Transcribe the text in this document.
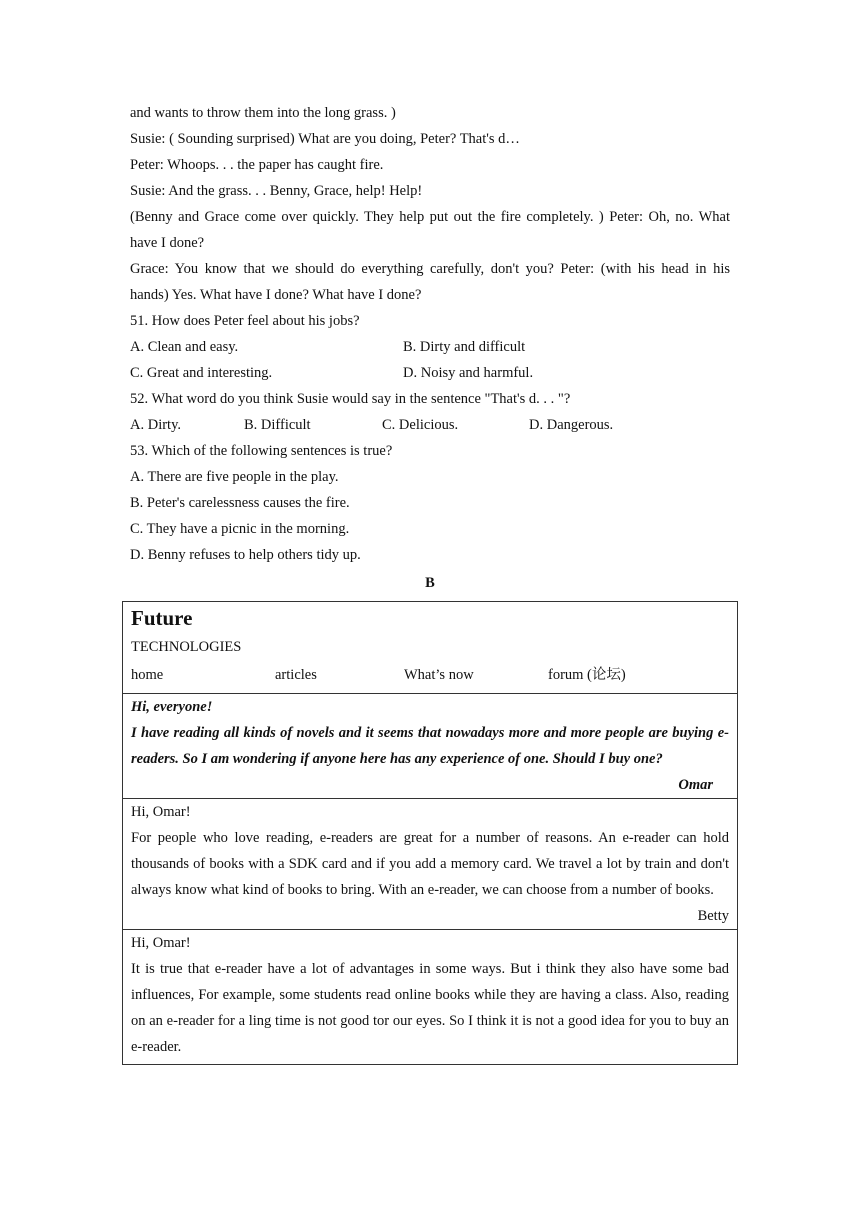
and wants to throw them into the long grass. )
Susie: ( Sounding surprised) What are you doing, Peter? That's d…
Peter: Whoops. . . the paper has caught fire.
Susie: And the grass. . . Benny, Grace, help! Help!
(Benny and Grace come over quickly. They help put out the fire completely. ) Peter: Oh, no. What
have I done?
Grace: You know that we should do everything carefully, don't you? Peter: (with his head in his
hands) Yes. What have I done? What have I done?
51. How does Peter feel about his jobs?
A. Clean and easy.	B. Dirty and difficult
C. Great and interesting.	D. Noisy and harmful.
52. What word do you think Susie would say in the sentence "That's d. . . "?
A. Dirty.	B. Difficult	C. Delicious.	D. Dangerous.
53. Which of the following sentences is true?
A. There are five people in the play.
B. Peter's carelessness causes the fire.
C. They have a picnic in the morning.
D. Benny refuses to help others tidy up.
B
Future
TECHNOLOGIES
home	articles	What’s now	forum (论坛)

Hi, everyone!
I have reading all kinds of novels and it seems that nowadays more and more people are buying e-readers. So I am wondering if anyone here has any experience of one. Should I buy one?
Omar

Hi, Omar!
For people who love reading, e-readers are great for a number of reasons. An e-reader can hold thousands of books with a SDK card and if you add a memory card. We travel a lot by train and don't always know what kind of books to bring. With an e-reader, we can choose from a number of books.
Betty

Hi, Omar!
It is true that e-reader have a lot of advantages in some ways. But i think they also have some bad influences, For example, some students read online books while they are having a class. Also, reading on an e-reader for a ling time is not good tor our eyes. So I think it is not a good idea for you to buy an e-reader.
